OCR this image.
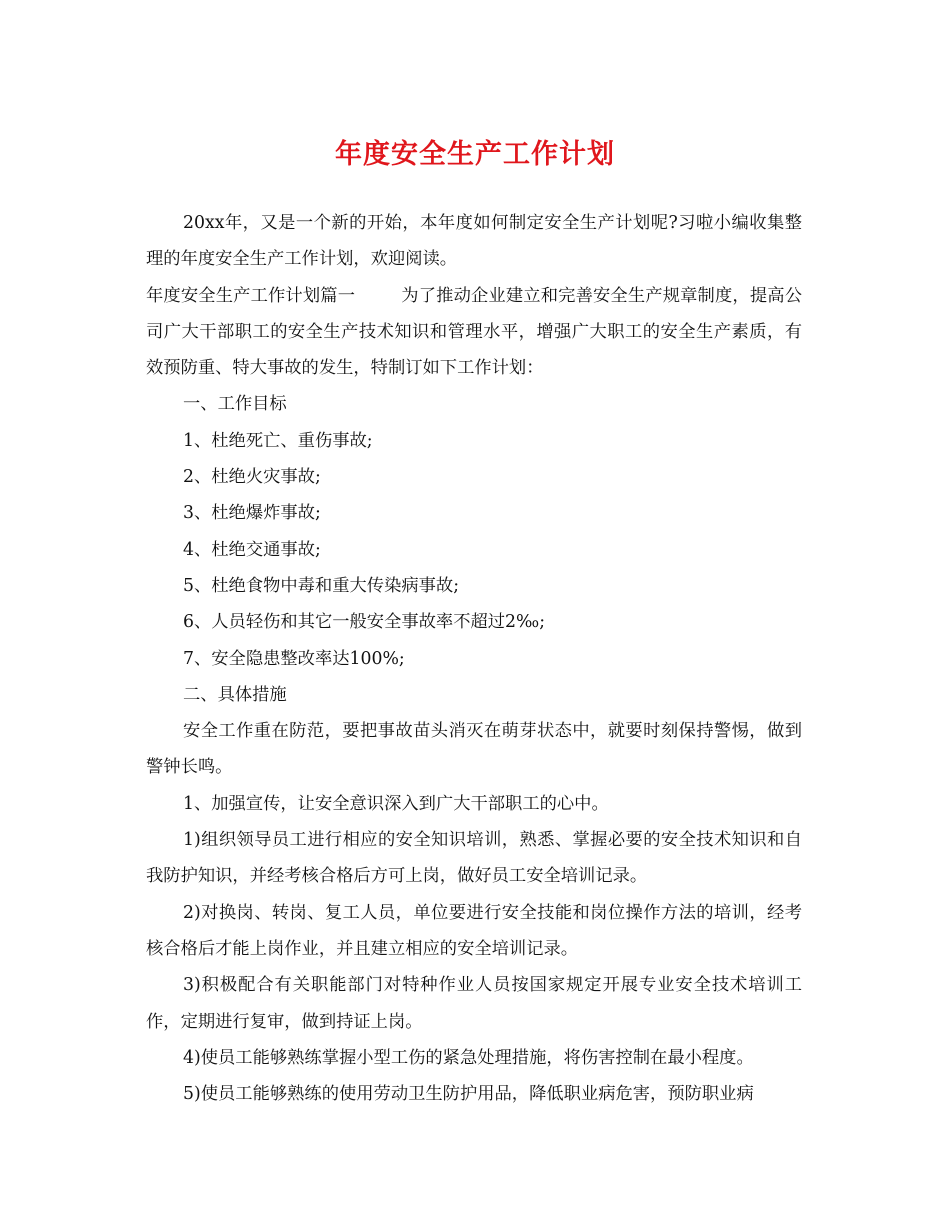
年度安全生产工作计划

20xx年，又是一个新的开始，本年度如何制定安全生产计划呢?习啦小编收集整理的年度安全生产工作计划，欢迎阅读。

年度安全生产工作计划篇一	为了推动企业建立和完善安全生产规章制度，提高公司广大干部职工的安全生产技术知识和管理水平，增强广大职工的安全生产素质，有效预防重、特大事故的发生，特制订如下工作计划：

一、工作目标

1、杜绝死亡、重伤事故;

2、杜绝火灾事故;

3、杜绝爆炸事故;

4、杜绝交通事故;

5、杜绝食物中毒和重大传染病事故;

6、人员轻伤和其它一般安全事故率不超过2‰;

7、安全隐患整改率达100%;

二、具体措施

安全工作重在防范，要把事故苗头消灭在萌芽状态中，就要时刻保持警惕，做到警钟长鸣。

1、加强宣传，让安全意识深入到广大干部职工的心中。

1)组织领导员工进行相应的安全知识培训，熟悉、掌握必要的安全技术知识和自我防护知识，并经考核合格后方可上岗，做好员工安全培训记录。

2)对换岗、转岗、复工人员，单位要进行安全技能和岗位操作方法的培训，经考核合格后才能上岗作业，并且建立相应的安全培训记录。

3)积极配合有关职能部门对特种作业人员按国家规定开展专业安全技术培训工作，定期进行复审，做到持证上岗。

4)使员工能够熟练掌握小型工伤的紧急处理措施，将伤害控制在最小程度。

5)使员工能够熟练的使用劳动卫生防护用品，降低职业病危害，预防职业病
